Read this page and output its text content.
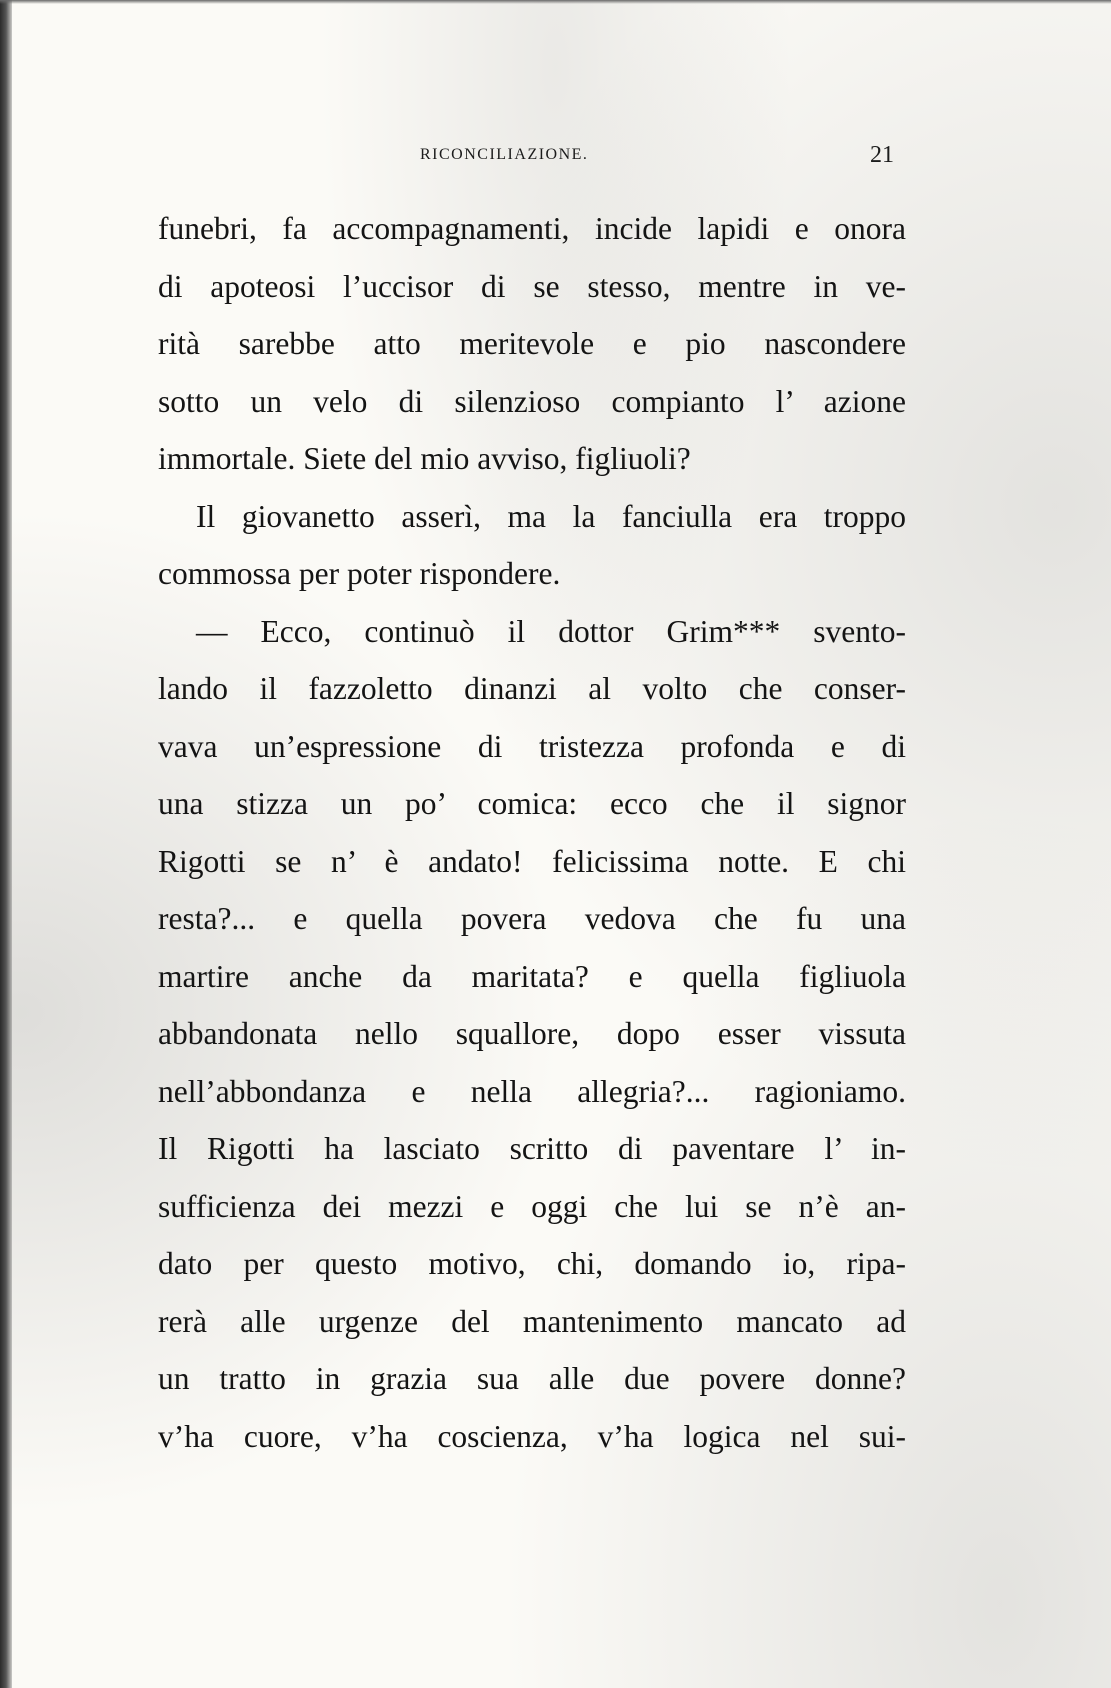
RICONCILIAZIONE.	21
funebri, fa accompagnamenti, incide lapidi e onora
di apoteosi l’uccisor di se stesso, mentre in ve-
rità sarebbe atto meritevole e pio nascondere
sotto un velo di silenzioso compianto l’ azione
immortale. Siete del mio avviso, figliuoli?
Il giovanetto asserì, ma la fanciulla era troppo
commossa per poter rispondere.
— Ecco, continuò il dottor Grim*** svento-
lando il fazzoletto dinanzi al volto che conser-
vava un’espressione di tristezza profonda e di
una stizza un po’ comica: ecco che il signor
Rigotti se n’ è andato! felicissima notte. E chi
resta?... e quella povera vedova che fu una
martire anche da maritata? e quella figliuola
abbandonata nello squallore, dopo esser vissuta
nell’abbondanza e nella allegria?... ragioniamo.
Il Rigotti ha lasciato scritto di paventare l’ in-
sufficienza dei mezzi e oggi che lui se n’è an-
dato per questo motivo, chi, domando io, ripa-
rerà alle urgenze del mantenimento mancato ad
un tratto in grazia sua alle due povere donne?
v’ha cuore, v’ha coscienza, v’ha logica nel sui-
